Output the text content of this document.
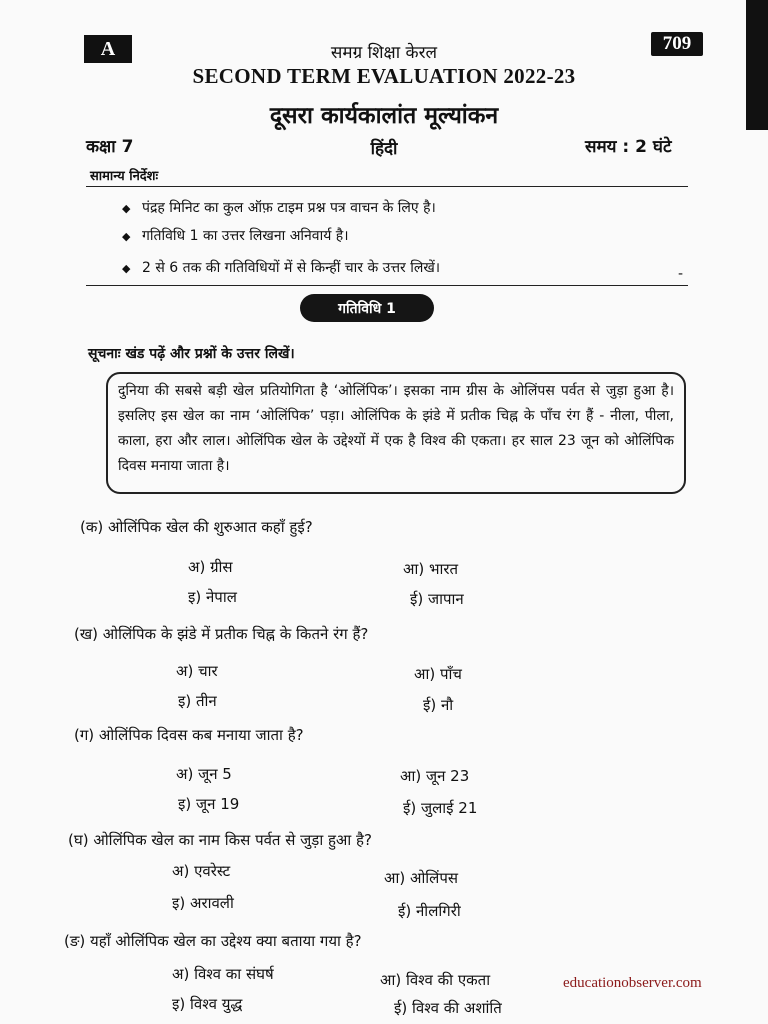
A	709
समग्र शिक्षा केरल
SECOND TERM EVALUATION 2022-23
दूसरा कार्यकालांत मूल्यांकन
कक्षा 7	हिंदी	समय : 2 घंटे
सामान्य निर्देशः
◆ पंद्रह मिनिट का कुल ऑफ़ टाइम प्रश्न पत्र वाचन के लिए है।
◆ गतिविधि 1 का उत्तर लिखना अनिवार्य है।
◆ 2 से 6 तक की गतिविधियों में से किन्हीं चार के उत्तर लिखें।	-
गतिविधि 1
सूचनाः खंड पढ़ें और प्रश्नों के उत्तर लिखें।
दुनिया की सबसे बड़ी खेल प्रतियोगिता है ‘ओलिंपिक’। इसका नाम ग्रीस के ओलिंपस पर्वत से जुड़ा हुआ है। इसलिए इस खेल का नाम ‘ओलिंपिक’ पड़ा। ओलिंपिक के झंडे में प्रतीक चिह्न के पाँच रंग हैं - नीला, पीला, काला, हरा और लाल। ओलिंपिक खेल के उद्देश्यों में एक है विश्व की एकता। हर साल 23 जून को ओलिंपिक दिवस मनाया जाता है।
(क) ओलिंपिक खेल की शुरुआत कहाँ हुई?
अ) ग्रीस	आ) भारत
इ) नेपाल	ई) जापान
(ख) ओलिंपिक के झंडे में प्रतीक चिह्न के कितने रंग हैं?
अ) चार	आ) पाँच
इ) तीन	ई) नौ
(ग) ओलिंपिक दिवस कब मनाया जाता है?
अ) जून 5	आ) जून 23
इ) जून 19	ई) जुलाई 21
(घ) ओलिंपिक खेल का नाम किस पर्वत से जुड़ा हुआ है?
अ) एवरेस्ट	आ) ओलिंपस
इ) अरावली	ई) नीलगिरी
(ङ) यहाँ ओलिंपिक खेल का उद्देश्य क्या बताया गया है?
अ) विश्व का संघर्ष	आ) विश्व की एकता
इ) विश्व युद्ध	ई) विश्व की अशांति
educationobserver.com
